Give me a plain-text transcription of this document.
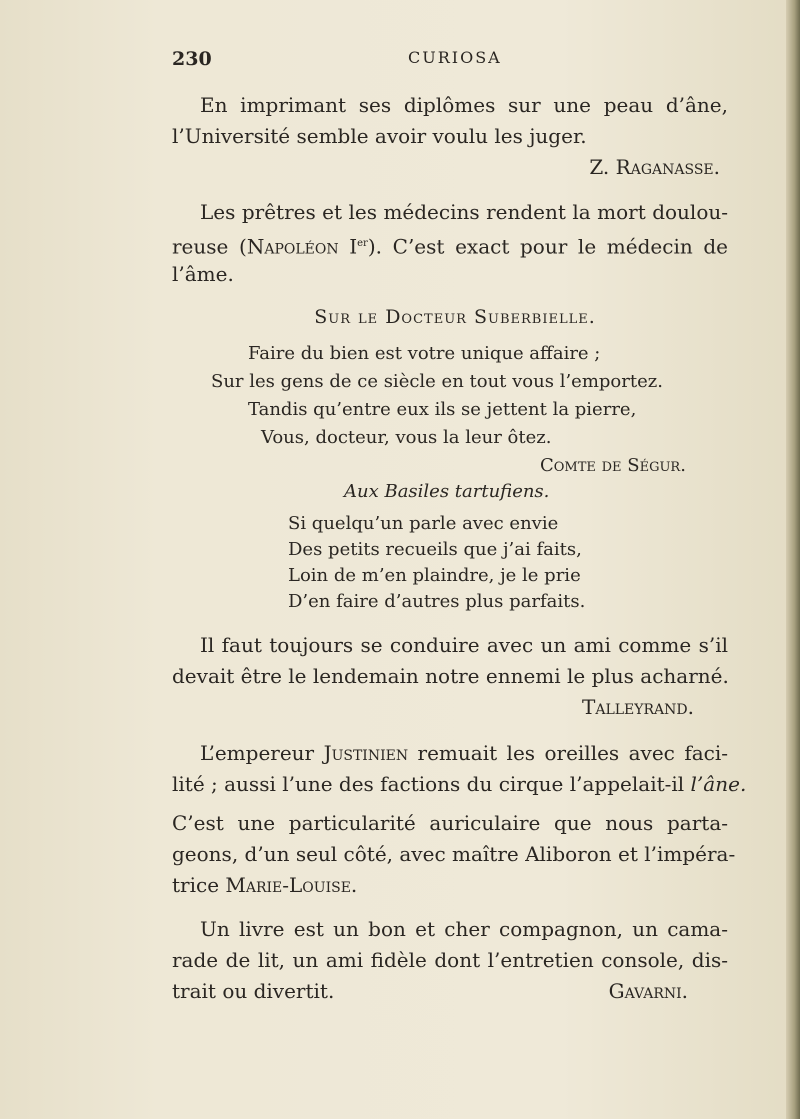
230	CURIOSA
En imprimant ses diplômes sur une peau d’âne,
l’Université semble avoir voulu les juger.
Z. Raganasse.
Les prêtres et les médecins rendent la mort doulou-
reuse (Napoléon Ier). C’est exact pour le médecin de
l’âme.
Sur le Docteur Suberbielle.
Faire du bien est votre unique affaire ;
Sur les gens de ce siècle en tout vous l’emportez.
Tandis qu’entre eux ils se jettent la pierre,
Vous, docteur, vous la leur ôtez.
Comte de Ségur.
Aux Basiles tartufiens.
Si quelqu’un parle avec envie
Des petits recueils que j’ai faits,
Loin de m’en plaindre, je le prie
D’en faire d’autres plus parfaits.
Il faut toujours se conduire avec un ami comme s’il
devait être le lendemain notre ennemi le plus acharné.
Talleyrand.
L’empereur Justinien remuait les oreilles avec faci-
lité ; aussi l’une des factions du cirque l’appelait-il l’âne.
C’est une particularité auriculaire que nous parta-
geons, d’un seul côté, avec maître Aliboron et l’impéra-
trice Marie-Louise.
Un livre est un bon et cher compagnon, un cama-
rade de lit, un ami fidèle dont l’entretien console, dis-
trait ou divertit.	Gavarni.
